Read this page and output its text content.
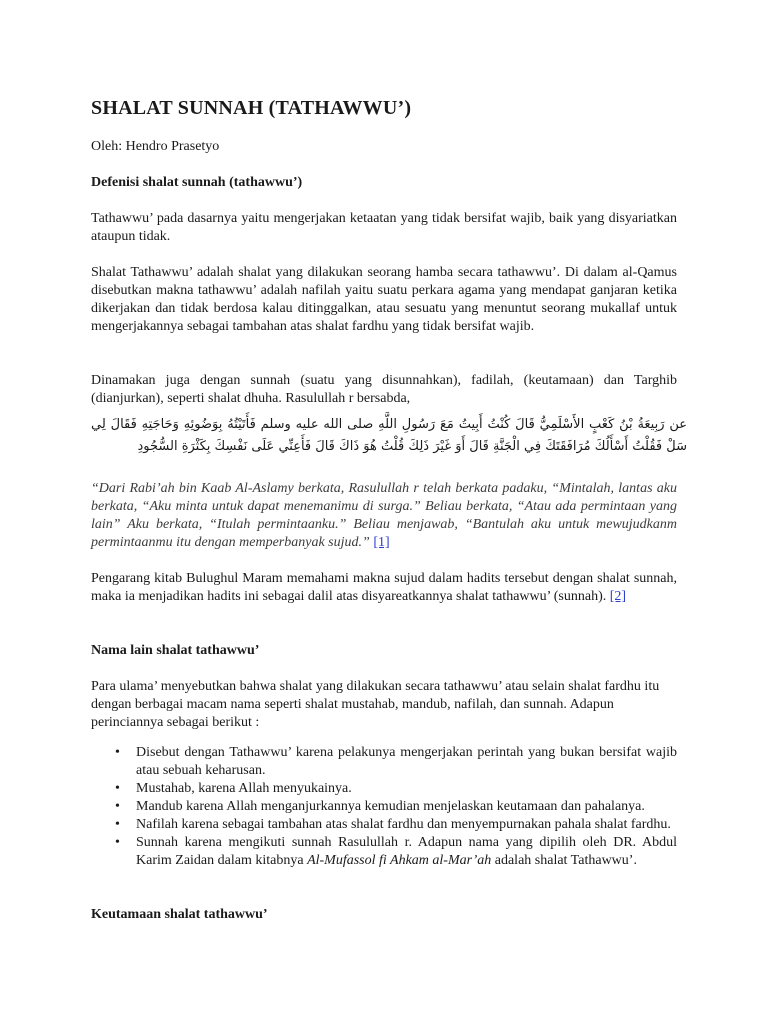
SHALAT SUNNAH (TATHAWWU’)

Oleh: Hendro Prasetyo

Defenisi shalat sunnah (tathawwu’)

Tathawwu’ pada dasarnya yaitu mengerjakan ketaatan yang tidak bersifat wajib, baik yang disyariatkan ataupun tidak.

Shalat Tathawwu’ adalah shalat yang dilakukan seorang hamba secara tathawwu’. Di dalam al-Qamus disebutkan makna tathawwu’ adalah nafilah yaitu suatu perkara agama yang mendapat ganjaran ketika dikerjakan dan tidak berdosa kalau ditinggalkan, atau sesuatu yang menuntut seorang mukallaf untuk mengerjakannya sebagai tambahan atas shalat fardhu yang tidak bersifat wajib.

Dinamakan juga dengan sunnah (suatu yang disunnahkan), fadilah, (keutamaan) dan Targhib (dianjurkan), seperti shalat dhuha. Rasulullah r bersabda,

عن رَبِيعَةُ بْنُ كَعْبٍ الأَسْلَمِيُّ قَالَ كُنْتُ أَبِيتُ مَعَ رَسُولِ اللَّهِ صلى الله عليه وسلم فَأَتَيْتُهُ بِوَضُوئِهِ وَحَاجَتِهِ فَقَالَ لِي سَلْ فَقُلْتُ أَسْأَلُكَ مُرَافَقَتَكَ فِي الْجَنَّةِ قَالَ أَوَ غَيْرَ ذَلِكَ قُلْتُ هُوَ ذَاكَ قَالَ فَأَعِنِّي عَلَى نَفْسِكَ بِكَثْرَةِ السُّجُودِ

“Dari Rabi’ah bin Kaab Al-Aslamy berkata, Rasulullah r telah berkata padaku, “Mintalah, lantas aku berkata, “Aku minta untuk dapat menemanimu di surga.” Beliau berkata, “Atau ada permintaan yang lain” Aku berkata, “Itulah permintaanku.” Beliau menjawab, “Bantulah aku untuk mewujudkanm permintaanmu itu dengan memperbanyak sujud.” [1]

Pengarang kitab Bulughul Maram memahami makna sujud dalam hadits tersebut dengan shalat sunnah, maka ia menjadikan hadits ini sebagai dalil atas disyareatkannya shalat tathawwu’ (sunnah). [2]

Nama lain shalat tathawwu’

Para ulama’ menyebutkan bahwa shalat yang dilakukan secara tathawwu’ atau selain shalat fardhu itu dengan berbagai macam nama seperti shalat mustahab, mandub, nafilah, dan sunnah. Adapun perinciannya sebagai berikut :

• Disebut dengan Tathawwu’ karena pelakunya mengerjakan perintah yang bukan bersifat wajib atau sebuah keharusan.
• Mustahab, karena Allah menyukainya.
• Mandub karena Allah menganjurkannya kemudian menjelaskan keutamaan dan pahalanya.
• Nafilah karena sebagai tambahan atas shalat fardhu dan menyempurnakan pahala shalat fardhu.
• Sunnah karena mengikuti sunnah Rasulullah r. Adapun nama yang dipilih oleh DR. Abdul Karim Zaidan dalam kitabnya Al-Mufassol fi Ahkam al-Mar’ah adalah shalat Tathawwu’.
Keutamaan shalat tathawwu’
